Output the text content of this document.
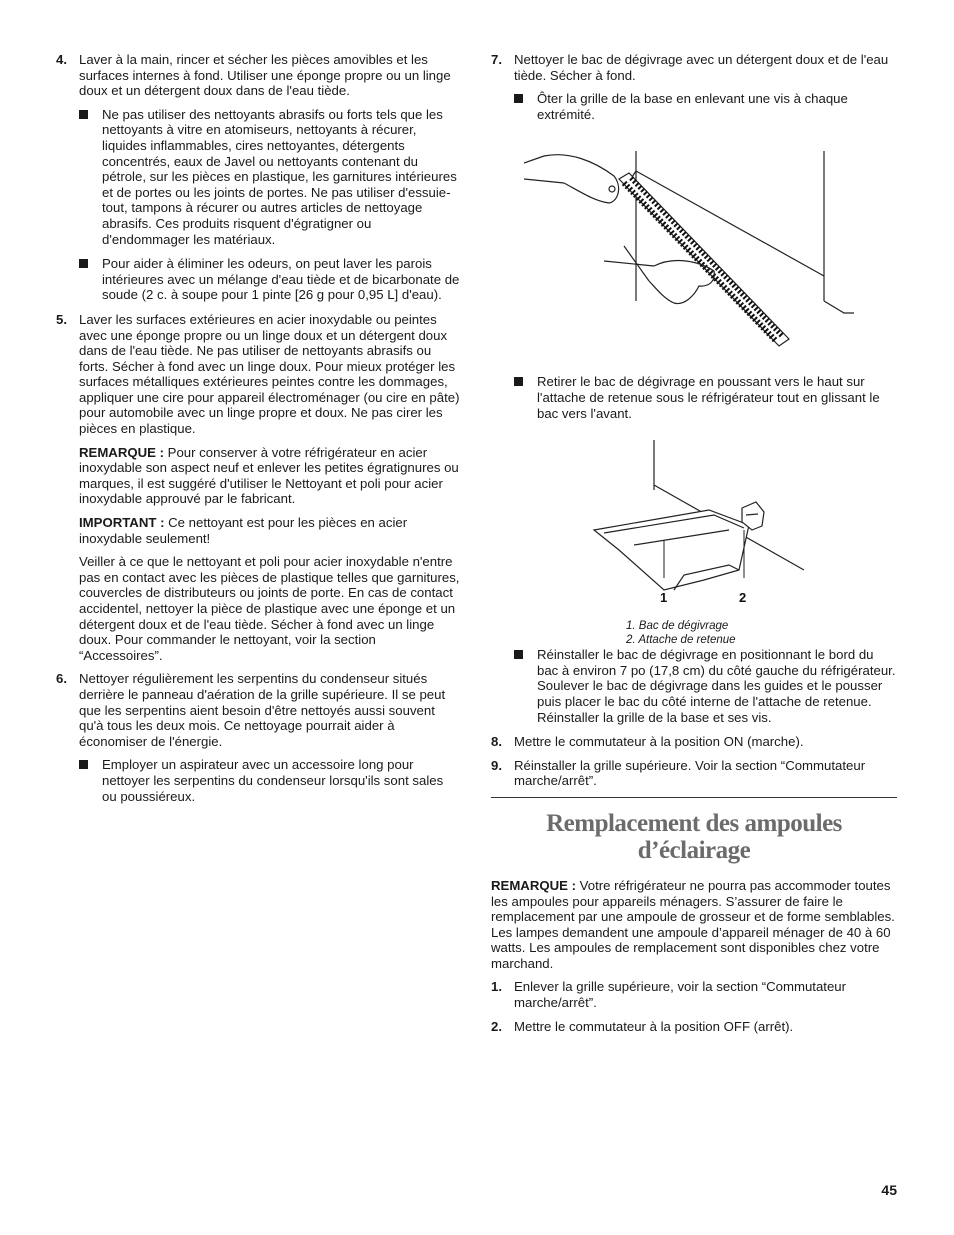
4. Laver à la main, rincer et sécher les pièces amovibles et les surfaces internes à fond. Utiliser une éponge propre ou un linge doux et un détergent doux dans de l'eau tiède.

Ne pas utiliser des nettoyants abrasifs ou forts tels que les nettoyants à vitre en atomiseurs, nettoyants à récurer, liquides inflammables, cires nettoyantes, détergents concentrés, eaux de Javel ou nettoyants contenant du pétrole, sur les pièces en plastique, les garnitures intérieures et de portes ou les joints de portes. Ne pas utiliser d'essuie-tout, tampons à récurer ou autres articles de nettoyage abrasifs. Ces produits risquent d'égratigner ou d'endommager les matériaux.
Pour aider à éliminer les odeurs, on peut laver les parois intérieures avec un mélange d'eau tiède et de bicarbonate de soude (2 c. à soupe pour 1 pinte [26 g pour 0,95 L] d'eau).
5. Laver les surfaces extérieures en acier inoxydable ou peintes avec une éponge propre ou un linge doux et un détergent doux dans de l'eau tiède. Ne pas utiliser de nettoyants abrasifs ou forts. Sécher à fond avec un linge doux. Pour mieux protéger les surfaces métalliques extérieures peintes contre les dommages, appliquer une cire pour appareil électroménager (ou cire en pâte) pour automobile avec un linge propre et doux. Ne pas cirer les pièces en plastique.

REMARQUE : Pour conserver à votre réfrigérateur en acier inoxydable son aspect neuf et enlever les petites égratignures ou marques, il est suggéré d'utiliser le Nettoyant et poli pour acier inoxydable approuvé par le fabricant.

IMPORTANT : Ce nettoyant est pour les pièces en acier inoxydable seulement!

Veiller à ce que le nettoyant et poli pour acier inoxydable n'entre pas en contact avec les pièces de plastique telles que garnitures, couvercles de distributeurs ou joints de porte. En cas de contact accidentel, nettoyer la pièce de plastique avec une éponge et un détergent doux et de l'eau tiède. Sécher à fond avec un linge doux. Pour commander le nettoyant, voir la section “Accessoires”.

6. Nettoyer régulièrement les serpentins du condenseur situés derrière le panneau d'aération de la grille supérieure. Il se peut que les serpentins aient besoin d'être nettoyés aussi souvent qu'à tous les deux mois. Ce nettoyage pourrait aider à économiser de l'énergie.

Employer un aspirateur avec un accessoire long pour nettoyer les serpentins du condenseur lorsqu'ils sont sales ou poussiéreux.
7. Nettoyer le bac de dégivrage avec un détergent doux et de l'eau tiède. Sécher à fond.

Ôter la grille de la base en enlevant une vis à chaque extrémité.
Retirer le bac de dégivrage en poussant vers le haut sur l'attache de retenue sous le réfrigérateur tout en glissant le bac vers l'avant.
1	2
1. Bac de dégivrage
2. Attache de retenue
Réinstaller le bac de dégivrage en positionnant le bord du bac à environ 7 po (17,8 cm) du côté gauche du réfrigérateur. Soulever le bac de dégivrage dans les guides et le pousser puis placer le bac du côté interne de l'attache de retenue. Réinstaller la grille de la base et ses vis.
8. Mettre le commutateur à la position ON (marche).

9. Réinstaller la grille supérieure. Voir la section “Commutateur marche/arrêt”.

Remplacement des ampoules
d’éclairage

REMARQUE : Votre réfrigérateur ne pourra pas accommoder toutes les ampoules pour appareils ménagers. S’assurer de faire le remplacement par une ampoule de grosseur et de forme semblables. Les lampes demandent une ampoule d’appareil ménager de 40 à 60 watts. Les ampoules de remplacement sont disponibles chez votre marchand.

1. Enlever la grille supérieure, voir la section “Commutateur marche/arrêt”.

2. Mettre le commutateur à la position OFF (arrêt).

45
